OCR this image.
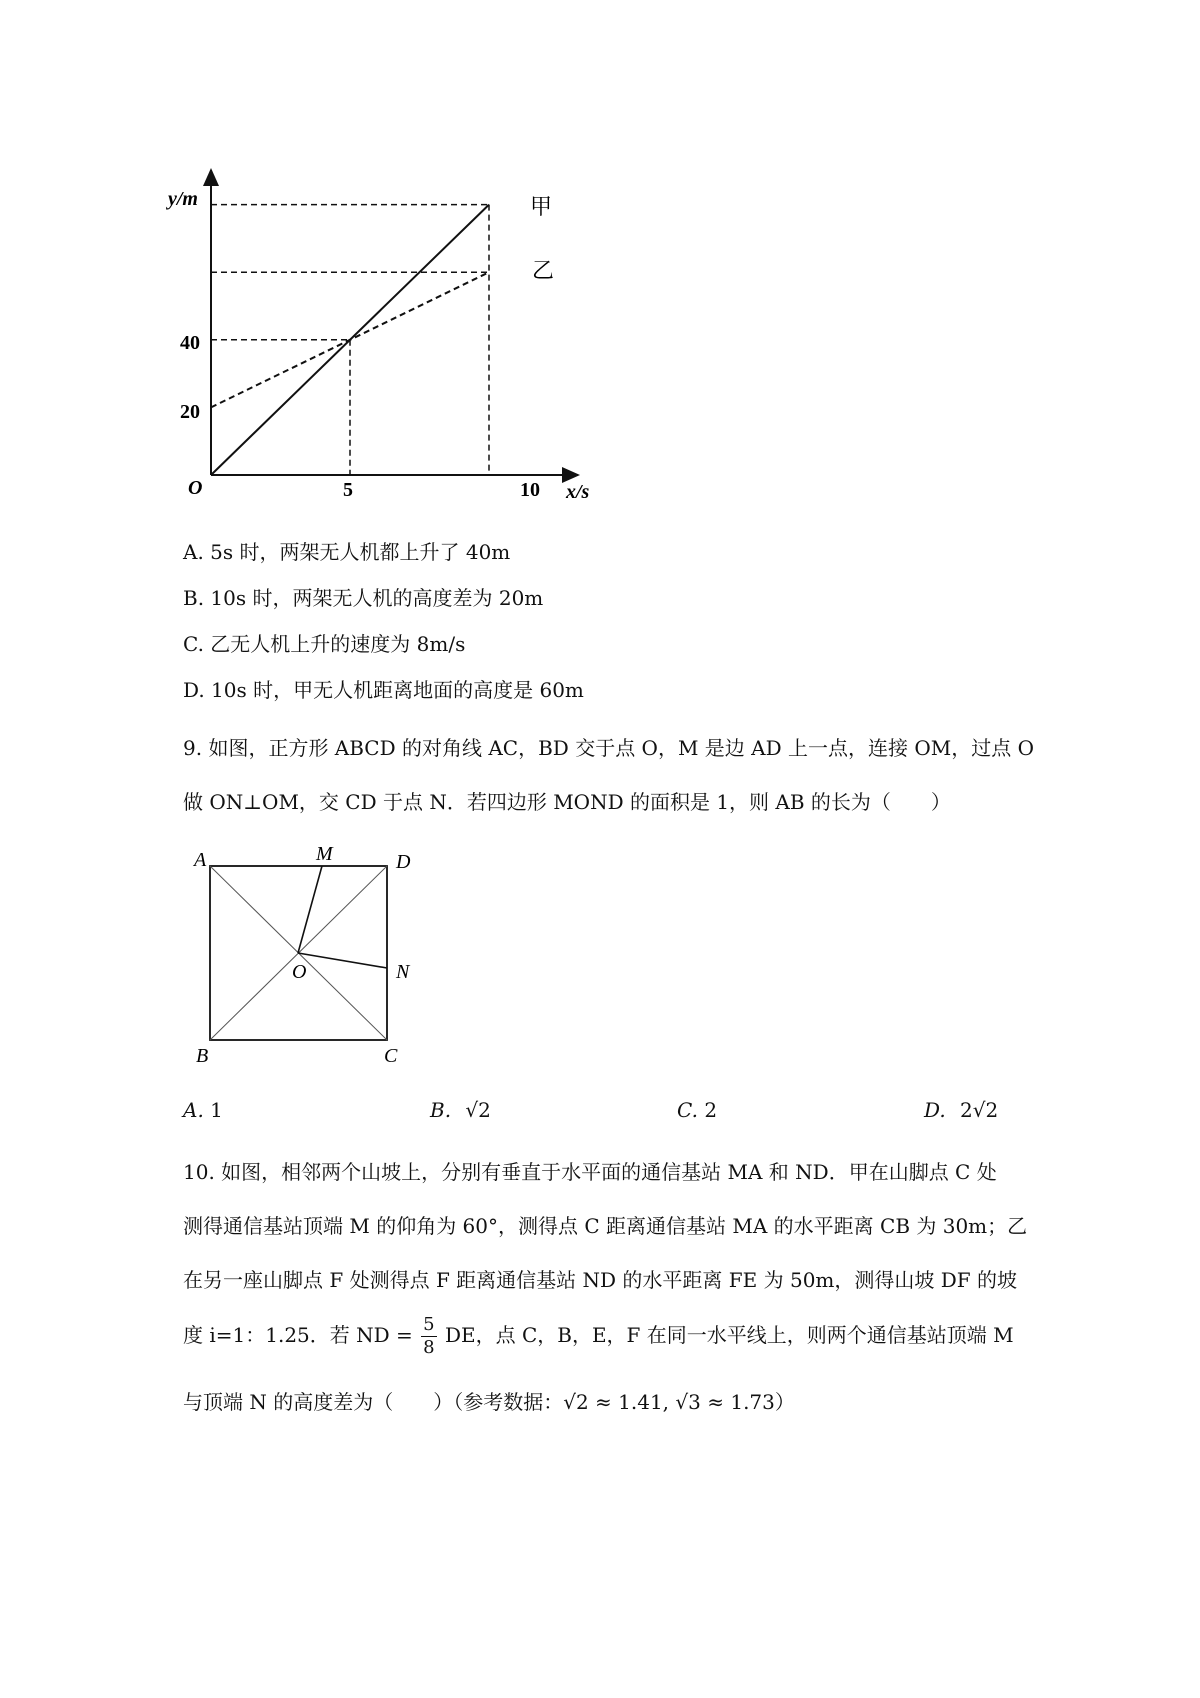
y/m
x/s
O
40
20
5	10
甲
乙
A. 5s 时，两架无人机都上升了 40m
B. 10s 时，两架无人机的高度差为 20m
C. 乙无人机上升的速度为 8m/s
D. 10s 时，甲无人机距离地面的高度是 60m
9. 如图，正方形 ABCD 的对角线 AC，BD 交于点 O，M 是边 AD 上一点，连接 OM，过点 O
做 ON⊥OM，交 CD 于点 N．若四边形 MOND 的面积是 1，则 AB 的长为（　　）
A	M	D
O	N
B	C
A. 1	B. √2	C. 2	D. 2√2
10. 如图，相邻两个山坡上，分别有垂直于水平面的通信基站 MA 和 ND．甲在山脚点 C 处
测得通信基站顶端 M 的仰角为 60°，测得点 C 距离通信基站 MA 的水平距离 CB 为 30m；乙
在另一座山脚点 F 处测得点 F 距离通信基站 ND 的水平距离 FE 为 50m，测得山坡 DF 的坡
度 i=1：1.25．若 ND = $\frac{5}{8}$ DE，点 C，B，E，F 在同一水平线上，则两个通信基站顶端 M
与顶端 N 的高度差为（　　）（参考数据：√2 ≈ 1.41, √3 ≈ 1.73）
